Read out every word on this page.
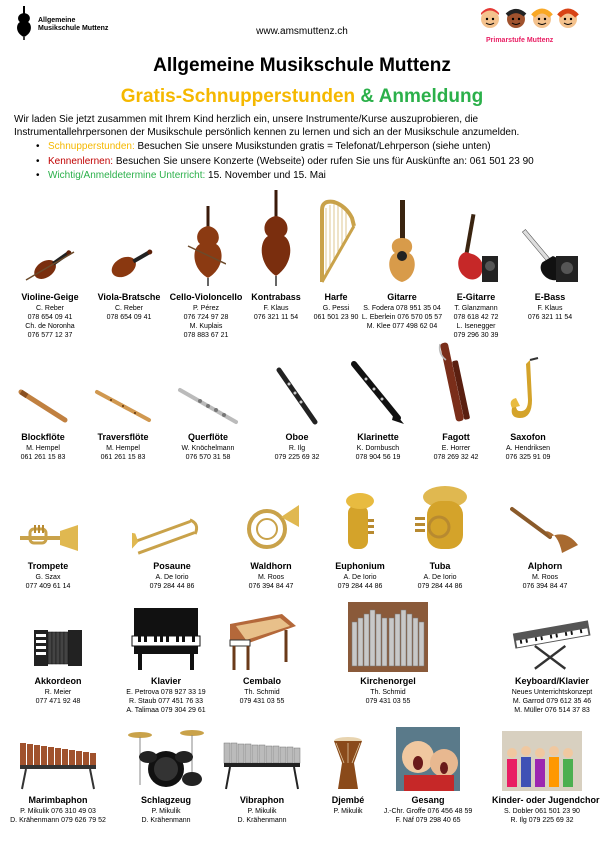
Allgemeine
Musikschule Muttenz	www.amsmuttenz.ch
Primarstufe Muttenz
Allgemeine Musikschule Muttenz
Gratis-Schnupperstunden & Anmeldung

Wir laden Sie jetzt zusammen mit Ihrem Kind herzlich ein, unsere Instrumente/Kurse auszuprobieren, die Instrumentallehrpersonen der Musikschule persönlich kennen zu lernen und sich an der Musikschule anzumelden.

• Schnupperstunden: Besuchen Sie unsere Musikstunden gratis = Telefonat/Lehrperson (siehe unten)
• Kennenlernen: Besuchen Sie unsere Konzerte (Webseite) oder rufen Sie uns für Auskünfte an: 061 501 23 90
• Wichtig/Anmeldetermine Unterricht: 15. November und 15. Mai
Violine-Geige
C. Reber
078 654 09 41
Ch. de Noronha
076 577 12 37
Viola-Bratsche
C. Reber
078 654 09 41
Cello-Violoncello
P. Pérez
076 724 97 28
M. Kuplais
078 883 67 21
Kontrabass
F. Klaus
076 321 11 54
Harfe
G. Pessi
061 501 23 90
Gitarre
S. Fodera 078 951 35 04
L. Eberlein 076 570 05 57
M. Klee 077 498 62 04
E-Gitarre
T. Glanzmann
078 618 42 72
L. Isenegger
079 296 30 39
E-Bass
F. Klaus
076 321 11 54
Blockflöte
M. Hempel
061 261 15 83
Traversflöte
M. Hempel
061 261 15 83
Querflöte
W. Knöchelmann
076 570 31 58
Oboe
R. Ilg
079 225 69 32
Klarinette
K. Dornbusch
078 904 56 19
Fagott
E. Horrer
078 269 32 42
Saxofon
A. Hendriksen
076 325 91 09
Trompete
G. Szax
077 409 61 14
Posaune
A. De Iorio
079 284 44 86
Waldhorn
M. Roos
076 394 84 47
Euphonium
A. De Iorio
079 284 44 86
Tuba
A. De Iorio
079 284 44 86
Alphorn
M. Roos
076 394 84 47
Akkordeon
R. Meier
077 471 92 48
Klavier
E. Petrova 078 927 33 19
R. Staub 077 451 76 33
A. Talimaa 079 304 29 61
Cembalo
Th. Schmid
079 431 03 55
Kirchenorgel
Th. Schmid
079 431 03 55
Keyboard/Klavier
Neues Unterrichtskonzept
M. Garrod 079 612 35 46
M. Müller 076 514 37 83
Marimbaphon
P. Mikulik 076 310 49 03
D. Krähenmann 079 626 79 52
Schlagzeug
P. Mikulik
D. Krähenmann
Vibraphon
P. Mikulik
D. Krähenmann
Djembé
P. Mikulik
Gesang
J.-Chr. Groffe 076 456 48 59
F. Näf 079 298 40 65
Kinder- oder Jugendchor
S. Dobler 061 501 23 90
R. Ilg 079 225 69 32
